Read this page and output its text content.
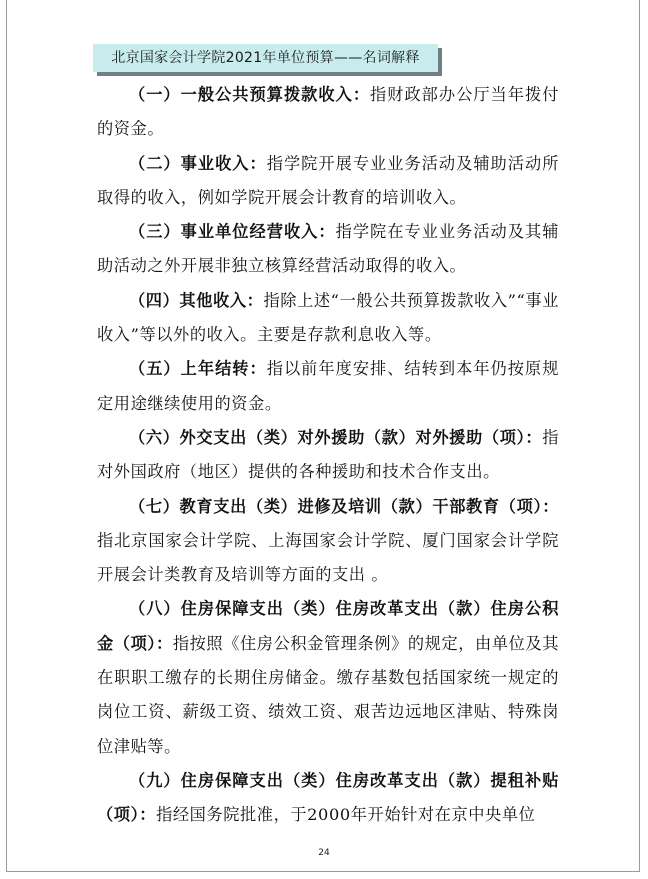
北京国家会计学院2021年单位预算——名词解释

（一）一般公共预算拨款收入：指财政部办公厅当年拨付的资金。

（二）事业收入：指学院开展专业业务活动及辅助活动所取得的收入，例如学院开展会计教育的培训收入。

（三）事业单位经营收入：指学院在专业业务活动及其辅助活动之外开展非独立核算经营活动取得的收入。

（四）其他收入：指除上述“一般公共预算拨款收入”“事业收入”等以外的收入。主要是存款利息收入等。

（五）上年结转：指以前年度安排、结转到本年仍按原规定用途继续使用的资金。

（六）外交支出（类）对外援助（款）对外援助（项）：指对外国政府（地区）提供的各种援助和技术合作支出。

（七）教育支出（类）进修及培训（款）干部教育（项）：指北京国家会计学院、上海国家会计学院、厦门国家会计学院开展会计类教育及培训等方面的支出 。

（八）住房保障支出（类）住房改革支出（款）住房公积金（项）：指按照《住房公积金管理条例》的规定，由单位及其在职职工缴存的长期住房储金。缴存基数包括国家统一规定的岗位工资、薪级工资、绩效工资、艰苦边远地区津贴、特殊岗位津贴等。

（九）住房保障支出（类）住房改革支出（款）提租补贴（项）：指经国务院批准，于2000年开始针对在京中央单位

24
